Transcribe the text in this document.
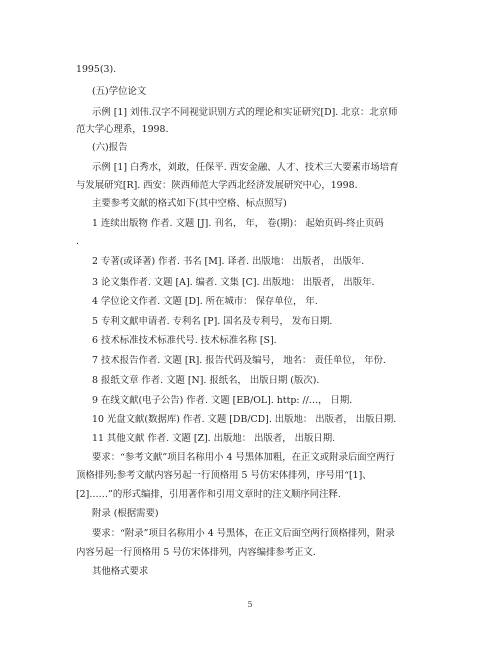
1995(3).
(五)学位论文
示例 [1] 刘伟.汉字不同视觉识别方式的理论和实证研究[D]. 北京：北京师
范大学心理系，1998.
(六)报告
示例 [1] 白秀水，刘敢，任保平. 西安金融、人才、技术三大要素市场培育
与发展研究[R]. 西安：陕西师范大学西北经济发展研究中心，1998.
主要参考文献的格式如下(其中空格、标点照写)
1 连续出版物 作者. 文题 [J]. 刊名， 年， 卷(期)： 起始页码-终止页码
.
2 专著(或译著) 作者. 书名 [M]. 译者. 出版地： 出版者， 出版年.
3 论文集作者. 文题 [A]. 编者. 文集 [C]. 出版地： 出版者， 出版年.
4 学位论文作者. 文题 [D]. 所在城市： 保存单位， 年.
5 专利文献申请者. 专利名 [P]. 国名及专利号， 发布日期.
6 技术标准技术标准代号. 技术标准名称 [S].
7 技术报告作者. 文题 [R]. 报告代码及编号， 地名： 责任单位， 年份.
8 报纸文章 作者. 文题 [N]. 报纸名， 出版日期 (版次).
9 在线文献(电子公告) 作者. 文题 [EB/OL]. http: //…， 日期.
10 光盘文献(数据库) 作者. 文题 [DB/CD]. 出版地： 出版者， 出版日期.
11 其他文献 作者. 文题 [Z]. 出版地： 出版者， 出版日期.
要求：“参考文献”项目名称用小 4 号黑体加粗，在正文或附录后面空两行
顶格排列;参考文献内容另起一行顶格用 5 号仿宋体排列，序号用“[1]、
[2]……”的形式编排，引用著作和引用文章时的注文顺序同注释.
附录 (根据需要)
要求：“附录”项目名称用小 4 号黑体，在正文后面空两行顶格排列，附录
内容另起一行顶格用 5 号仿宋体排列，内容编排参考正文.
其他格式要求
5
